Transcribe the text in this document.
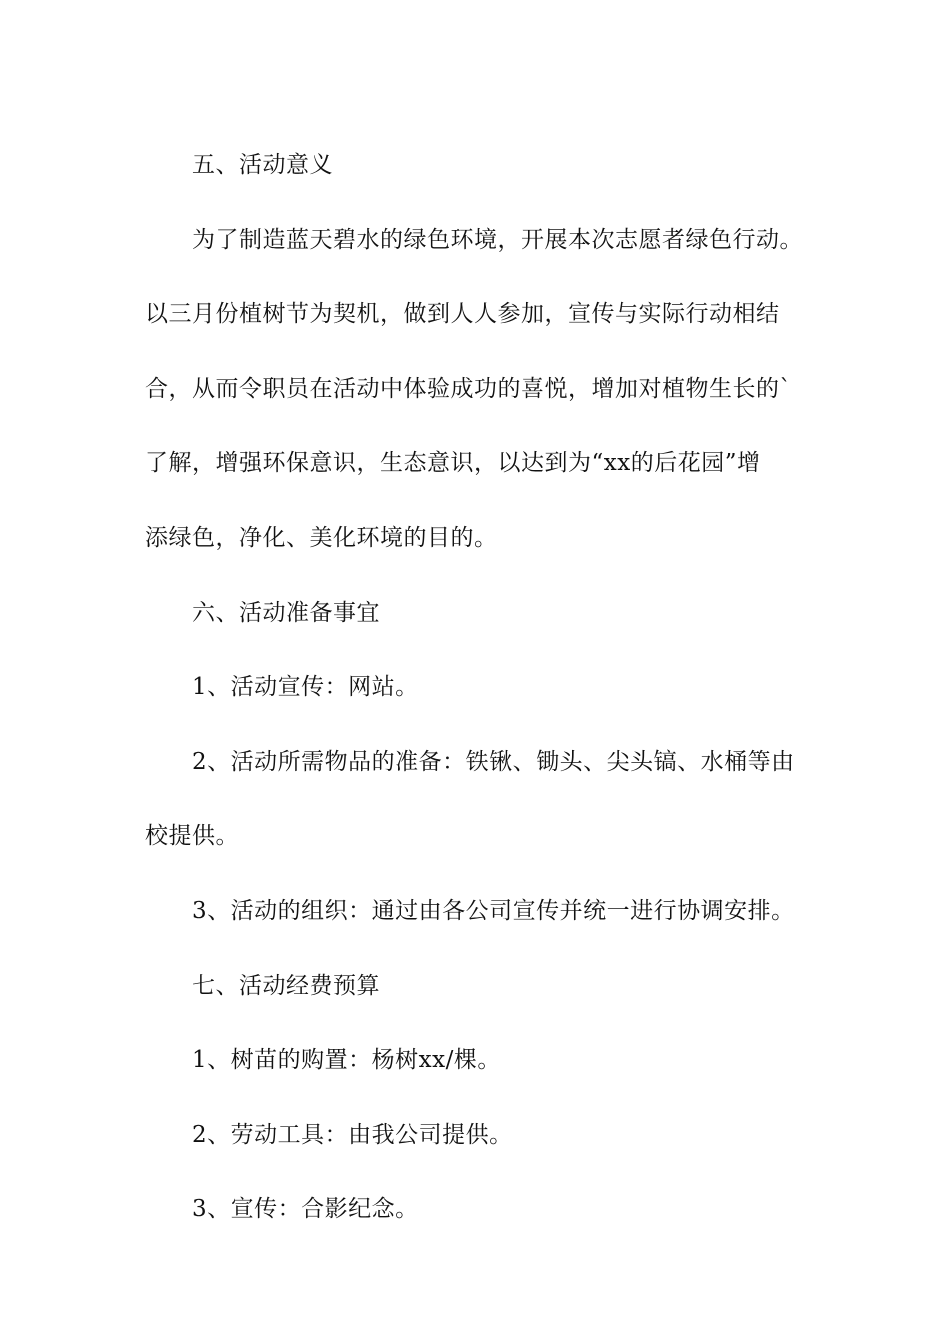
五、活动意义
为了制造蓝天碧水的绿色环境，开展本次志愿者绿色行动。
以三月份植树节为契机，做到人人参加，宣传与实际行动相结
合，从而令职员在活动中体验成功的喜悦，增加对植物生长的`
了解，增强环保意识，生态意识，以达到为“xx的后花园”增
添绿色，净化、美化环境的目的。
六、活动准备事宜
1、活动宣传：网站。
2、活动所需物品的准备：铁锹、锄头、尖头镐、水桶等由
校提供。
3、活动的组织：通过由各公司宣传并统一进行协调安排。
七、活动经费预算
1、树苗的购置：杨树xx/棵。
2、劳动工具：由我公司提供。
3、宣传：合影纪念。
